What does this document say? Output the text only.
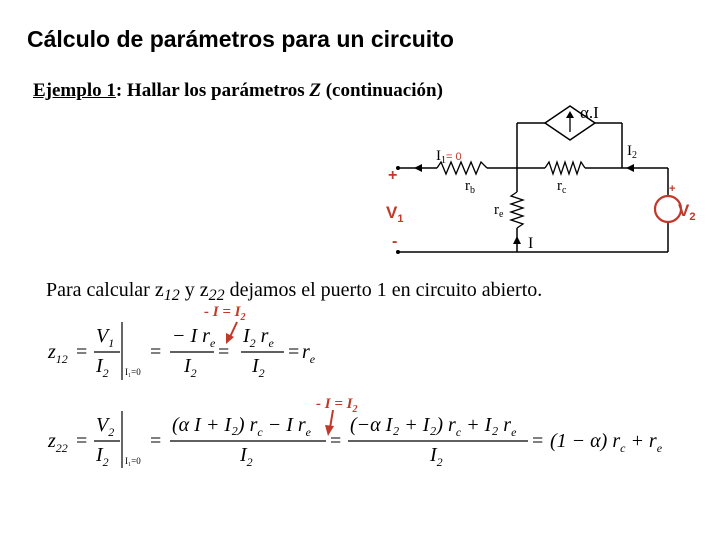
Cálculo de parámetros para un circuito
Ejemplo 1: Hallar los parámetros Z (continuación)
α.I
$I_1^{= 0}$	$I_2$
$r_b$	$r_c$
$r_e$
I
+
$V_1$
-
+
$V_2$
$z_{12}$ =
$V_1$
$I_2$ I₁=0
=
− I $r_e$
$I_2$
=
$I_2$ $r_e$
$I_2$
= $r_e$
$z_{22}$ =
$V_2$
$I_2$ I₁=0
=
(α I + I₂) $r_c - I$ $r_e$
$I_2$
=
(−α I₂ + I₂) $r_c + I_2$ $r_e$
$I_2$
= (1 − α) $r_c + r_e$
Para calcular $z_{12}$ y $z_{22}$ dejamos el puerto 1 en circuito abierto.
- $I = I_2$
- $I = I_2$
